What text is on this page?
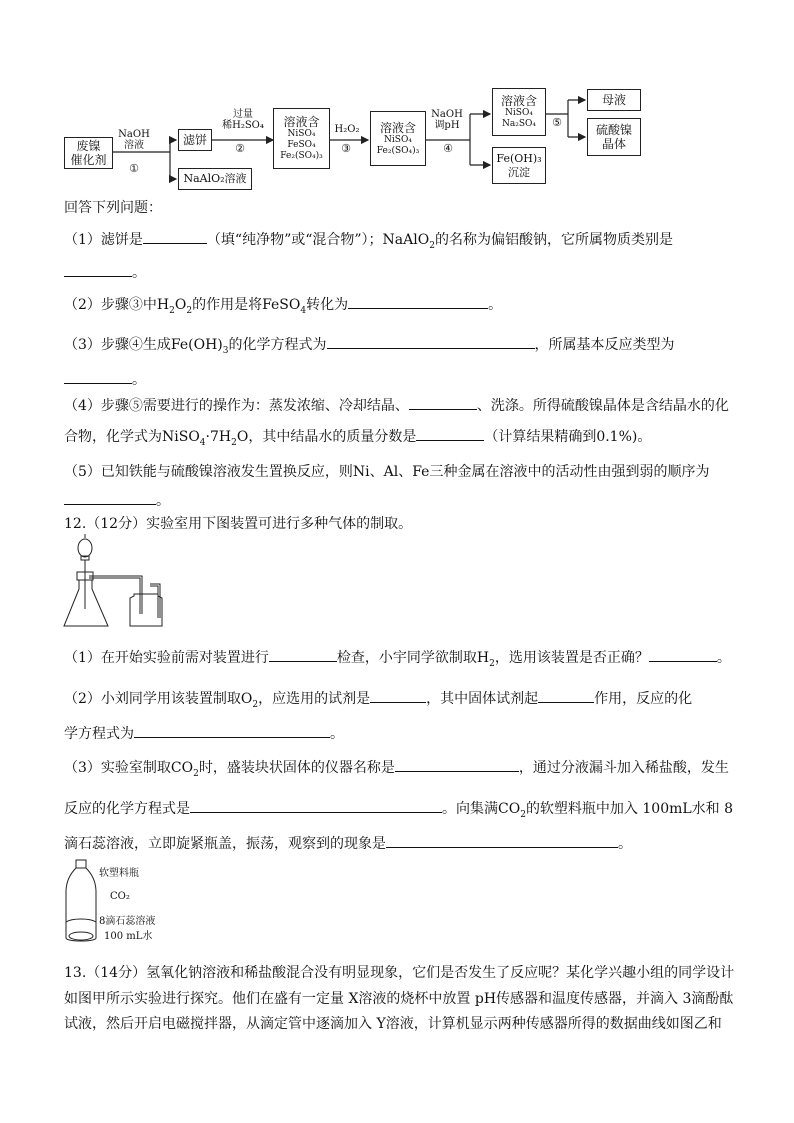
废镍
催化剂
NaOH
溶液
①
滤饼
NaAlO₂溶液
过量
稀H₂SO₄
②
溶液含
NiSO₄
FeSO₄
Fe₂(SO₄)₃
H₂O₂
③
溶液含
NiSO₄
Fe₂(SO₄)₃
NaOH
调pH
④
溶液含
NiSO₄
Na₂SO₄
Fe(OH)₃
沉淀
⑤
母液
硫酸镍
晶体
回答下列问题：
（1）滤饼是	（填“纯净物”或“混合物”）；NaAlO$_2$的名称为偏铝酸钠，它所属物质类别是
。
（2）步骤③中$H_2O_2$的作用是将FeSO$_4$转化为	。
（3）步骤④生成$Fe(OH)_3$的化学方程式为	，所属基本反应类型为
。
（4）步骤⑤需要进行的操作为：蒸发浓缩、冷却结晶、	、洗涤。所得硫酸镍晶体是含结晶水的化
合物，化学式为$NiSO_4\cdot 7H_2O$，其中结晶水的质量分数是	（计算结果精确到0.1%)。
（5）已知铁能与硫酸镍溶液发生置换反应，则Ni、Al、Fe三种金属在溶液中的活动性由强到弱的顺序为
。
12.（12分）实验室用下图装置可进行多种气体的制取。
（1）在开始实验前需对装置进行	检查，小宇同学欲制取$H_2$，选用该装置是否正确？	。
（2）小刘同学用该装置制取$O_2$，应选用的试剂是	，其中固体试剂起	作用，反应的化
学方程式为	。
（3）实验室制取$CO_2$时，盛装块状固体的仪器名称是	，通过分液漏斗加入稀盐酸，发生
反应的化学方程式是	。向集满$CO_2$的软塑料瓶中加入 100mL水和 8
滴石蕊溶液，立即旋紧瓶盖，振荡，观察到的现象是	。
软塑料瓶
CO₂
8滴石蕊溶液
100 mL水
13.（14分）氢氧化钠溶液和稀盐酸混合没有明显现象，它们是否发生了反应呢？某化学兴趣小组的同学设计
如图甲所示实验进行探究。他们在盛有一定量 X溶液的烧杯中放置 pH传感器和温度传感器，并滴入 3滴酚酞
试液，然后开启电磁搅拌器，从滴定管中逐滴加入 Y溶液，计算机显示两种传感器所得的数据曲线如图乙和
